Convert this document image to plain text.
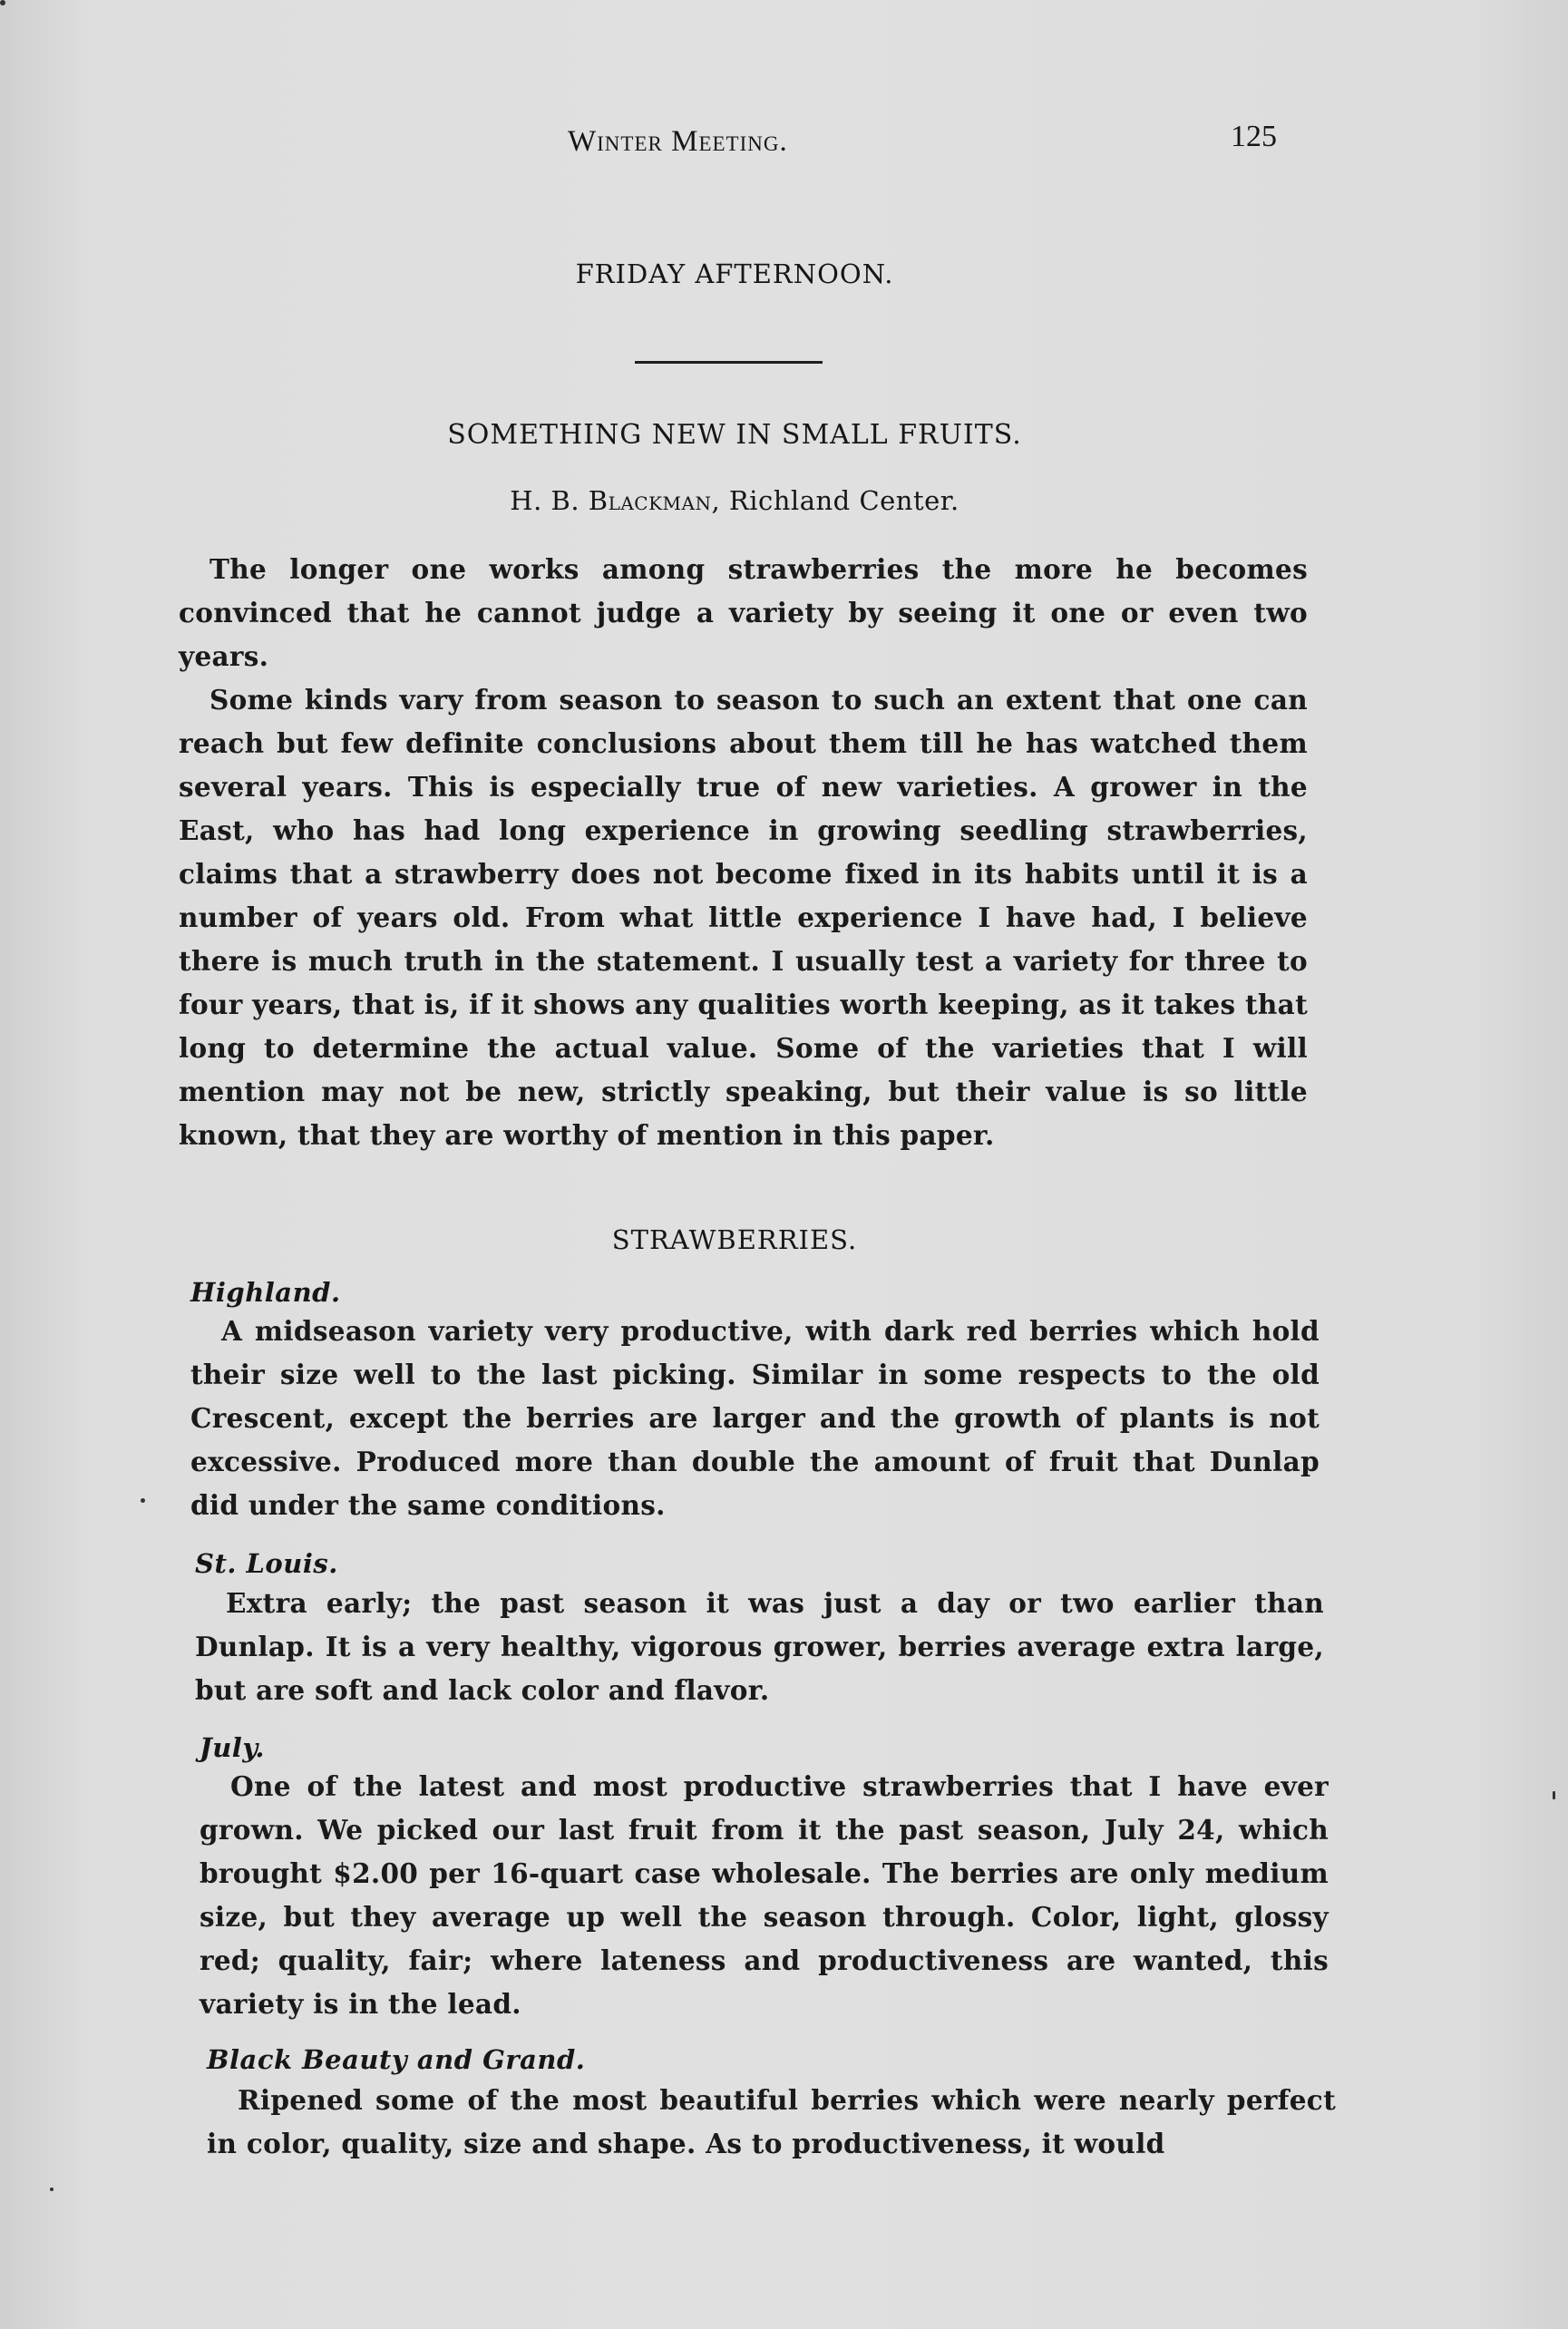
Winter Meeting.	125
FRIDAY AFTERNOON.
SOMETHING NEW IN SMALL FRUITS.
H. B. Blackman, Richland Center.

The longer one works among strawberries the more he becomes convinced that he cannot judge a variety by seeing it one or even two years.

Some kinds vary from season to season to such an extent that one can reach but few definite conclusions about them till he has watched them several years. This is especially true of new varieties. A grower in the East, who has had long experience in growing seedling strawberries, claims that a strawberry does not become fixed in its habits until it is a number of years old. From what little experience I have had, I believe there is much truth in the statement. I usually test a variety for three to four years, that is, if it shows any qualities worth keeping, as it takes that long to determine the actual value. Some of the varieties that I will mention may not be new, strictly speaking, but their value is so little known, that they are worthy of mention in this paper.

STRAWBERRIES.
Highland.

A midseason variety very productive, with dark red berries which hold their size well to the last picking. Similar in some respects to the old Crescent, except the berries are larger and the growth of plants is not excessive. Produced more than double the amount of fruit that Dunlap did under the same conditions.

St. Louis.

Extra early; the past season it was just a day or two earlier than Dunlap. It is a very healthy, vigorous grower, berries average extra large, but are soft and lack color and flavor.

July.

One of the latest and most productive strawberries that I have ever grown. We picked our last fruit from it the past season, July 24, which brought $2.00 per 16-quart case wholesale. The berries are only medium size, but they average up well the season through. Color, light, glossy red; quality, fair; where lateness and productiveness are wanted, this variety is in the lead.

Black Beauty and Grand.

Ripened some of the most beautiful berries which were nearly perfect in color, quality, size and shape. As to productiveness, it would
